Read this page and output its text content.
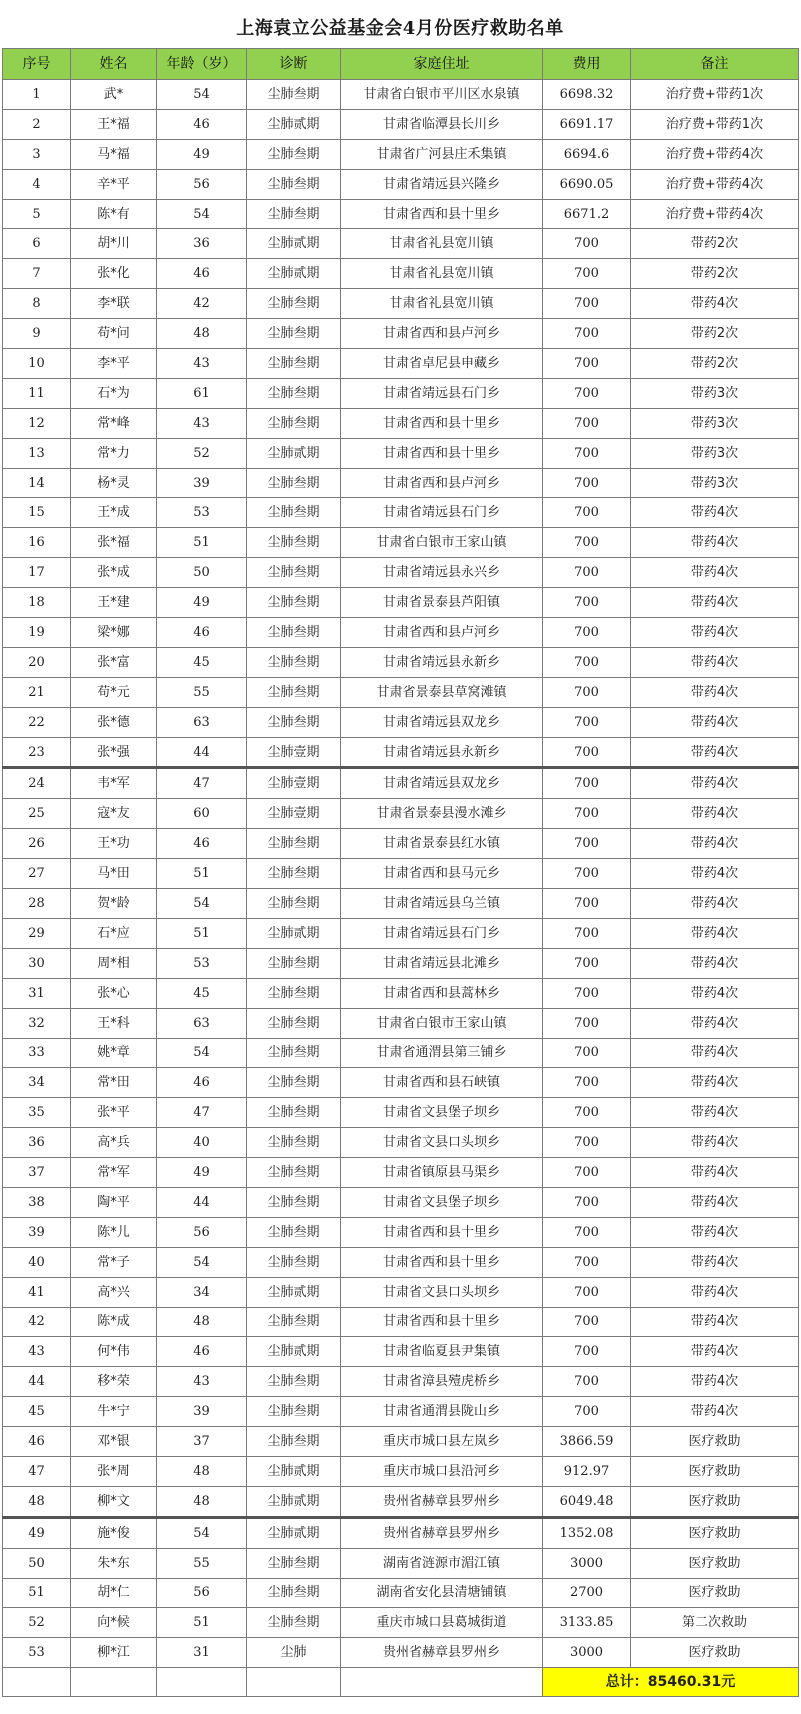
上海袁立公益基金会4月份医疗救助名单
序号	姓名	年龄（岁）	诊断	家庭住址	费用	备注
1	武*	54	尘肺叁期	甘肃省白银市平川区水泉镇	6698.32	治疗费+带药1次
2	王*福	46	尘肺贰期	甘肃省临潭县长川乡	6691.17	治疗费+带药1次
3	马*福	49	尘肺叁期	甘肃省广河县庄禾集镇	6694.6	治疗费+带药4次
4	辛*平	56	尘肺叁期	甘肃省靖远县兴隆乡	6690.05	治疗费+带药4次
5	陈*有	54	尘肺叁期	甘肃省西和县十里乡	6671.2	治疗费+带药4次
6	胡*川	36	尘肺贰期	甘肃省礼县宽川镇	700	带药2次
7	张*化	46	尘肺贰期	甘肃省礼县宽川镇	700	带药2次
8	李*联	42	尘肺叁期	甘肃省礼县宽川镇	700	带药4次
9	苟*问	48	尘肺叁期	甘肃省西和县卢河乡	700	带药2次
10	李*平	43	尘肺叁期	甘肃省卓尼县申藏乡	700	带药2次
11	石*为	61	尘肺叁期	甘肃省靖远县石门乡	700	带药3次
12	常*峰	43	尘肺叁期	甘肃省西和县十里乡	700	带药3次
13	常*力	52	尘肺贰期	甘肃省西和县十里乡	700	带药3次
14	杨*灵	39	尘肺叁期	甘肃省西和县卢河乡	700	带药3次
15	王*成	53	尘肺叁期	甘肃省靖远县石门乡	700	带药4次
16	张*福	51	尘肺叁期	甘肃省白银市王家山镇	700	带药4次
17	张*成	50	尘肺叁期	甘肃省靖远县永兴乡	700	带药4次
18	王*建	49	尘肺叁期	甘肃省景泰县芦阳镇	700	带药4次
19	梁*娜	46	尘肺叁期	甘肃省西和县卢河乡	700	带药4次
20	张*富	45	尘肺叁期	甘肃省靖远县永新乡	700	带药4次
21	苟*元	55	尘肺叁期	甘肃省景泰县草窝滩镇	700	带药4次
22	张*德	63	尘肺叁期	甘肃省靖远县双龙乡	700	带药4次
23	张*强	44	尘肺壹期	甘肃省靖远县永新乡	700	带药4次
24	韦*军	47	尘肺壹期	甘肃省靖远县双龙乡	700	带药4次
25	寇*友	60	尘肺壹期	甘肃省景泰县漫水滩乡	700	带药4次
26	王*功	46	尘肺叁期	甘肃省景泰县红水镇	700	带药4次
27	马*田	51	尘肺叁期	甘肃省西和县马元乡	700	带药4次
28	贺*龄	54	尘肺叁期	甘肃省靖远县乌兰镇	700	带药4次
29	石*应	51	尘肺贰期	甘肃省靖远县石门乡	700	带药4次
30	周*相	53	尘肺叁期	甘肃省靖远县北滩乡	700	带药4次
31	张*心	45	尘肺叁期	甘肃省西和县蒿林乡	700	带药4次
32	王*科	63	尘肺叁期	甘肃省白银市王家山镇	700	带药4次
33	姚*章	54	尘肺叁期	甘肃省通渭县第三铺乡	700	带药4次
34	常*田	46	尘肺叁期	甘肃省西和县石峡镇	700	带药4次
35	张*平	47	尘肺叁期	甘肃省文县堡子坝乡	700	带药4次
36	高*兵	40	尘肺叁期	甘肃省文县口头坝乡	700	带药4次
37	常*军	49	尘肺叁期	甘肃省镇原县马渠乡	700	带药4次
38	陶*平	44	尘肺叁期	甘肃省文县堡子坝乡	700	带药4次
39	陈*儿	56	尘肺叁期	甘肃省西和县十里乡	700	带药4次
40	常*子	54	尘肺叁期	甘肃省西和县十里乡	700	带药4次
41	高*兴	34	尘肺贰期	甘肃省文县口头坝乡	700	带药4次
42	陈*成	48	尘肺叁期	甘肃省西和县十里乡	700	带药4次
43	何*伟	46	尘肺贰期	甘肃省临夏县尹集镇	700	带药4次
44	移*荣	43	尘肺叁期	甘肃省漳县殪虎桥乡	700	带药4次
45	牛*宁	39	尘肺叁期	甘肃省通渭县陇山乡	700	带药4次
46	邓*银	37	尘肺叁期	重庆市城口县左岚乡	3866.59	医疗救助
47	张*周	48	尘肺贰期	重庆市城口县沿河乡	912.97	医疗救助
48	柳*文	48	尘肺贰期	贵州省赫章县罗州乡	6049.48	医疗救助
49	施*俊	54	尘肺贰期	贵州省赫章县罗州乡	1352.08	医疗救助
50	朱*东	55	尘肺叁期	湖南省涟源市湄江镇	3000	医疗救助
51	胡*仁	56	尘肺叁期	湖南省安化县清塘铺镇	2700	医疗救助
52	向*候	51	尘肺叁期	重庆市城口县葛城街道	3133.85	第二次救助
53	柳*江	31	尘肺	贵州省赫章县罗州乡	3000	医疗救助
					总计：85460.31元	
